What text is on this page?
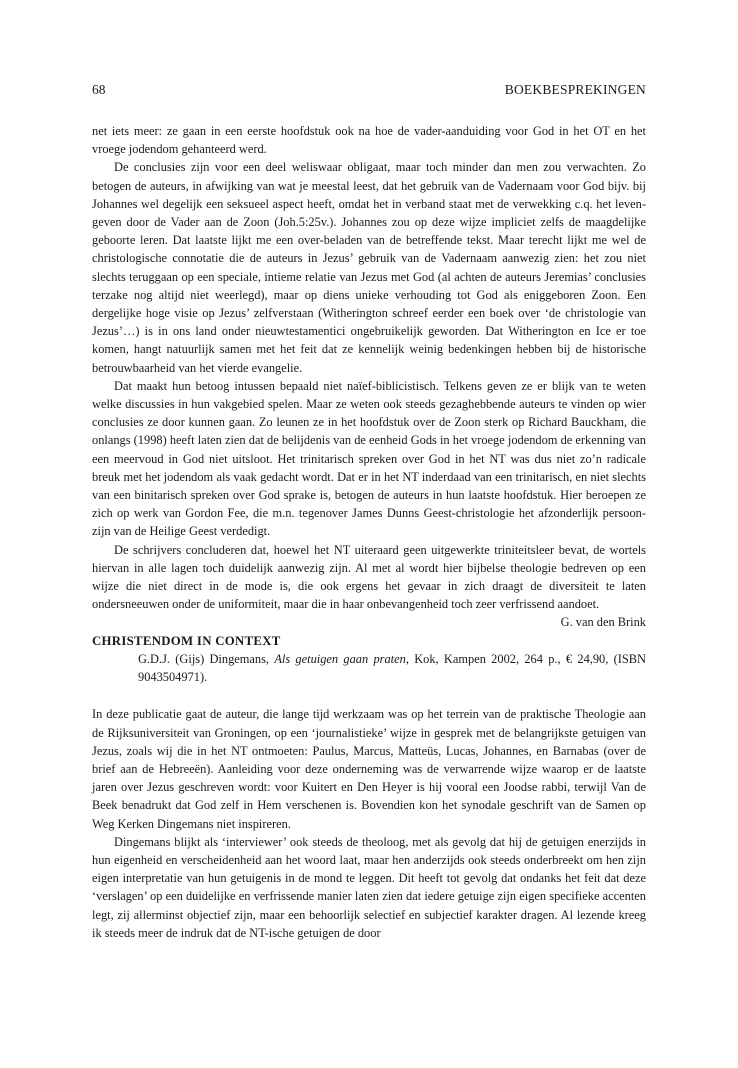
68	BOEKBESPREKINGEN

net iets meer: ze gaan in een eerste hoofdstuk ook na hoe de vader-aanduiding voor God in het OT en het vroege jodendom gehanteerd werd.

De conclusies zijn voor een deel weliswaar obligaat, maar toch minder dan men zou verwachten. Zo betogen de auteurs, in afwijking van wat je meestal leest, dat het gebruik van de Vadernaam voor God bijv. bij Johannes wel degelijk een seksueel aspect heeft, omdat het in verband staat met de verwekking c.q. het leven-geven door de Vader aan de Zoon (Joh.5:25v.). Johannes zou op deze wijze impliciet zelfs de maagdelijke geboorte leren. Dat laatste lijkt me een over-beladen van de betreffende tekst. Maar terecht lijkt me wel de christologische connotatie die de auteurs in Jezus’ gebruik van de Vadernaam aanwezig zien: het zou niet slechts teruggaan op een speciale, intieme relatie van Jezus met God (al achten de auteurs Jeremias’ conclusies terzake nog altijd niet weerlegd), maar op diens unieke verhouding tot God als eniggeboren Zoon. Een dergelijke hoge visie op Jezus’ zelfverstaan (Witherington schreef eerder een boek over ‘de christologie van Jezus’…) is in ons land onder nieuwtestamentici ongebruikelijk geworden. Dat Witherington en Ice er toe komen, hangt natuurlijk samen met het feit dat ze kennelijk weinig bedenkingen hebben bij de historische betrouwbaarheid van het vierde evangelie.

Dat maakt hun betoog intussen bepaald niet naïef-biblicistisch. Telkens geven ze er blijk van te weten welke discussies in hun vakgebied spelen. Maar ze weten ook steeds gezaghebbende auteurs te vinden op wier conclusies ze door kunnen gaan. Zo leunen ze in het hoofdstuk over de Zoon sterk op Richard Bauckham, die onlangs (1998) heeft laten zien dat de belijdenis van de eenheid Gods in het vroege jodendom de erkenning van een meervoud in God niet uitsloot. Het trinitarisch spreken over God in het NT was dus niet zo’n radicale breuk met het jodendom als vaak gedacht wordt. Dat er in het NT inderdaad van een trinitarisch, en niet slechts van een binitarisch spreken over God sprake is, betogen de auteurs in hun laatste hoofdstuk. Hier beroepen ze zich op werk van Gordon Fee, die m.n. tegenover James Dunns Geest-christologie het afzonderlijk persoon-zijn van de Heilige Geest verdedigt.

De schrijvers concluderen dat, hoewel het NT uiteraard geen uitgewerkte triniteitsleer bevat, de wortels hiervan in alle lagen toch duidelijk aanwezig zijn. Al met al wordt hier bijbelse theologie bedreven op een wijze die niet direct in de mode is, die ook ergens het gevaar in zich draagt de diversiteit te laten ondersneeuwen onder de uniformiteit, maar die in haar onbevangenheid toch zeer verfrissend aandoet.

G. van den Brink

CHRISTENDOM IN CONTEXT

G.D.J. (Gijs) Dingemans, Als getuigen gaan praten, Kok, Kampen 2002, 264 p., € 24,90, (ISBN 9043504971).

In deze publicatie gaat de auteur, die lange tijd werkzaam was op het terrein van de praktische Theologie aan de Rijksuniversiteit van Groningen, op een ‘journalistieke’ wijze in gesprek met de belangrijkste getuigen van Jezus, zoals wij die in het NT ontmoeten: Paulus, Marcus, Matteüs, Lucas, Johannes, en Barnabas (over de brief aan de Hebreeën). Aanleiding voor deze onderneming was de verwarrende wijze waarop er de laatste jaren over Jezus geschreven wordt: voor Kuitert en Den Heyer is hij vooral een Joodse rabbi, terwijl Van de Beek benadrukt dat God zelf in Hem verschenen is. Bovendien kon het synodale geschrift van de Samen op Weg Kerken Dingemans niet inspireren.

Dingemans blijkt als ‘interviewer’ ook steeds de theoloog, met als gevolg dat hij de getuigen enerzijds in hun eigenheid en verscheidenheid aan het woord laat, maar hen anderzijds ook steeds onderbreekt om hen zijn eigen interpretatie van hun getuigenis in de mond te leggen. Dit heeft tot gevolg dat ondanks het feit dat deze ‘verslagen’ op een duidelijke en verfrissende manier laten zien dat iedere getuige zijn eigen specifieke accenten legt, zij allerminst objectief zijn, maar een behoorlijk selectief en subjectief karakter dragen. Al lezende kreeg ik steeds meer de indruk dat de NT-ische getuigen de door
